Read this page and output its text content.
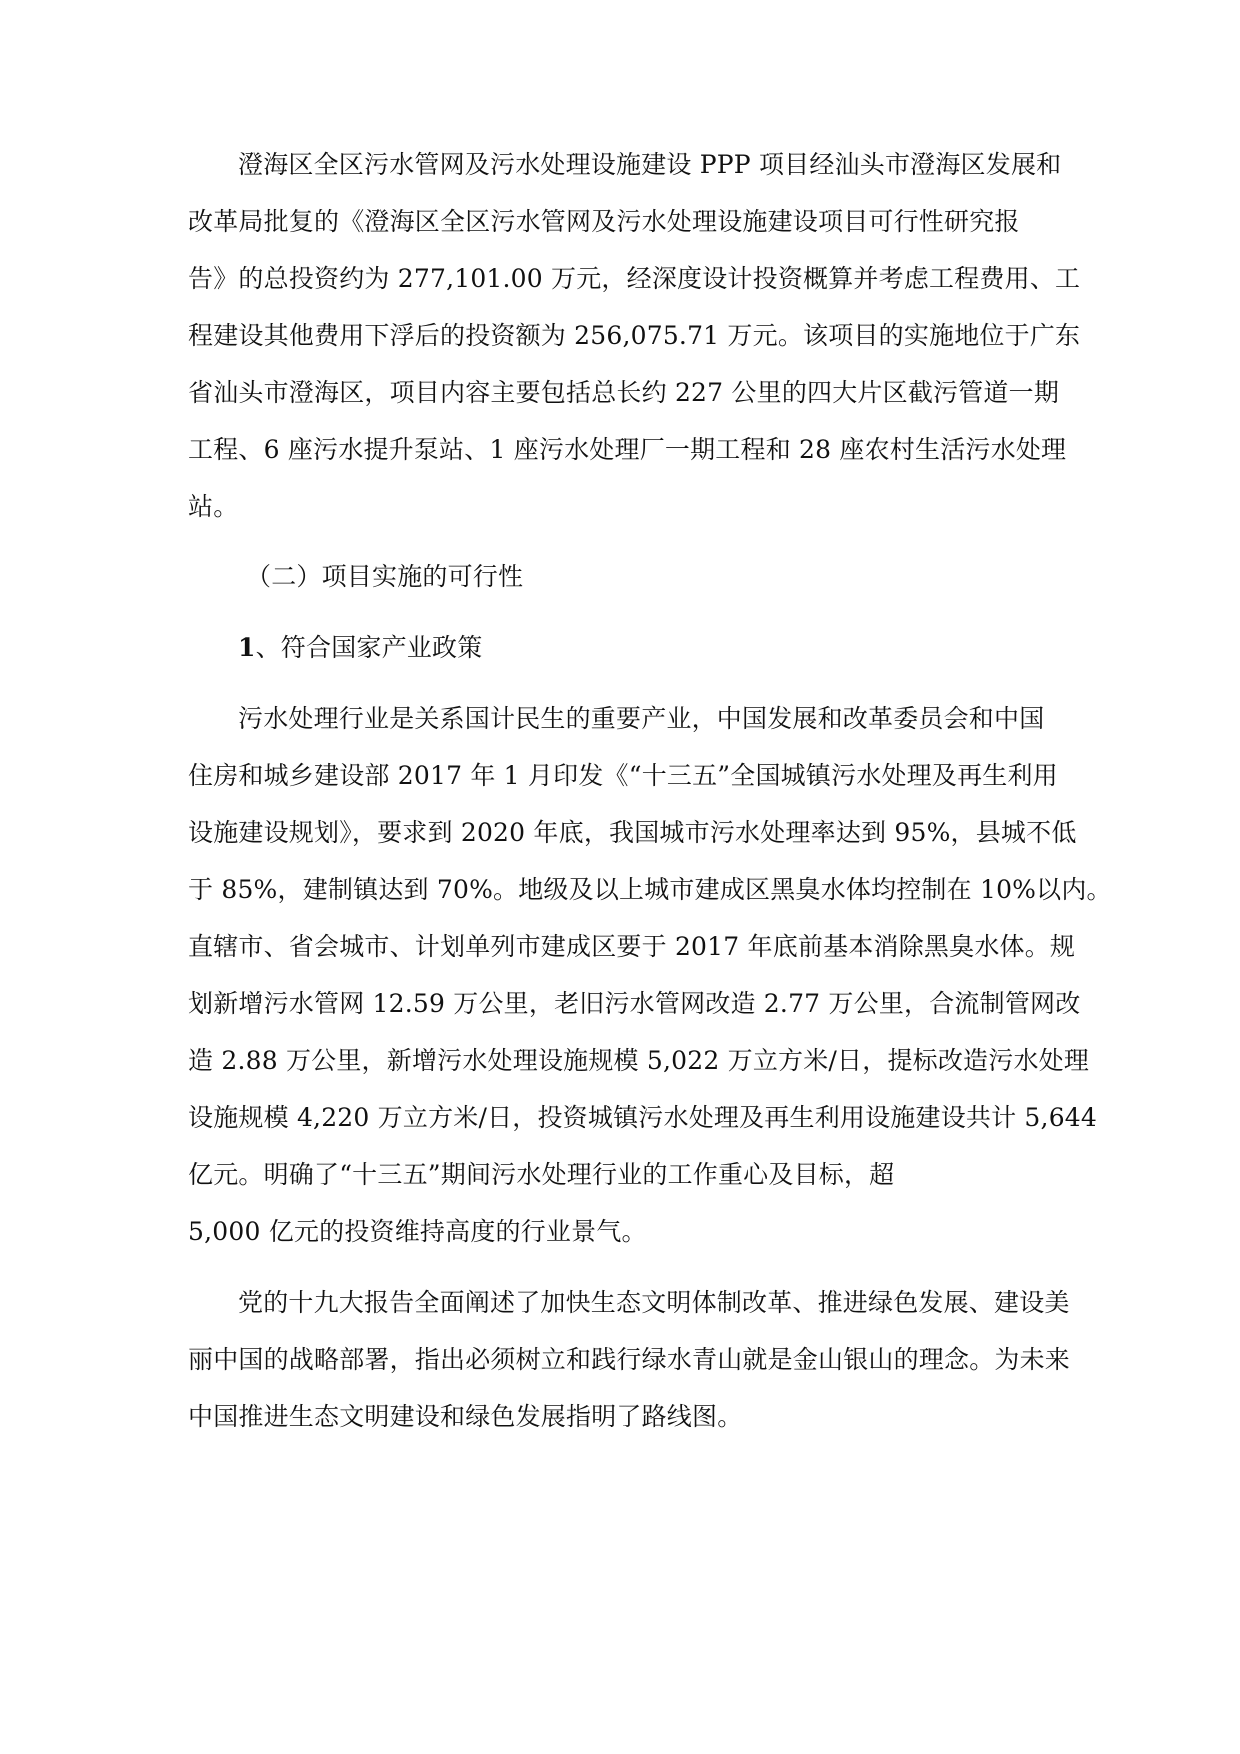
澄海区全区污水管网及污水处理设施建设 PPP 项目经汕头市澄海区发展和
改革局批复的《澄海区全区污水管网及污水处理设施建设项目可行性研究报
告》的总投资约为 277,101.00 万元，经深度设计投资概算并考虑工程费用、工
程建设其他费用下浮后的投资额为 256,075.71 万元。该项目的实施地位于广东
省汕头市澄海区，项目内容主要包括总长约 227 公里的四大片区截污管道一期
工程、6 座污水提升泵站、1 座污水处理厂一期工程和 28 座农村生活污水处理
站。
（二）项目实施的可行性
1、符合国家产业政策
污水处理行业是关系国计民生的重要产业，中国发展和改革委员会和中国
住房和城乡建设部 2017 年 1 月印发《“十三五”全国城镇污水处理及再生利用
设施建设规划》，要求到 2020 年底，我国城市污水处理率达到 95%，县城不低
于 85%，建制镇达到 70%。地级及以上城市建成区黑臭水体均控制在 10%以内。
直辖市、省会城市、计划单列市建成区要于 2017 年底前基本消除黑臭水体。规
划新增污水管网 12.59 万公里，老旧污水管网改造 2.77 万公里，合流制管网改
造 2.88 万公里，新增污水处理设施规模 5,022 万立方米/日，提标改造污水处理
设施规模 4,220 万立方米/日，投资城镇污水处理及再生利用设施建设共计 5,644
亿元。明确了“十三五”期间污水处理行业的工作重心及目标，超
5,000 亿元的投资维持高度的行业景气。
党的十九大报告全面阐述了加快生态文明体制改革、推进绿色发展、建设美
丽中国的战略部署，指出必须树立和践行绿水青山就是金山银山的理念。为未来
中国推进生态文明建设和绿色发展指明了路线图。
